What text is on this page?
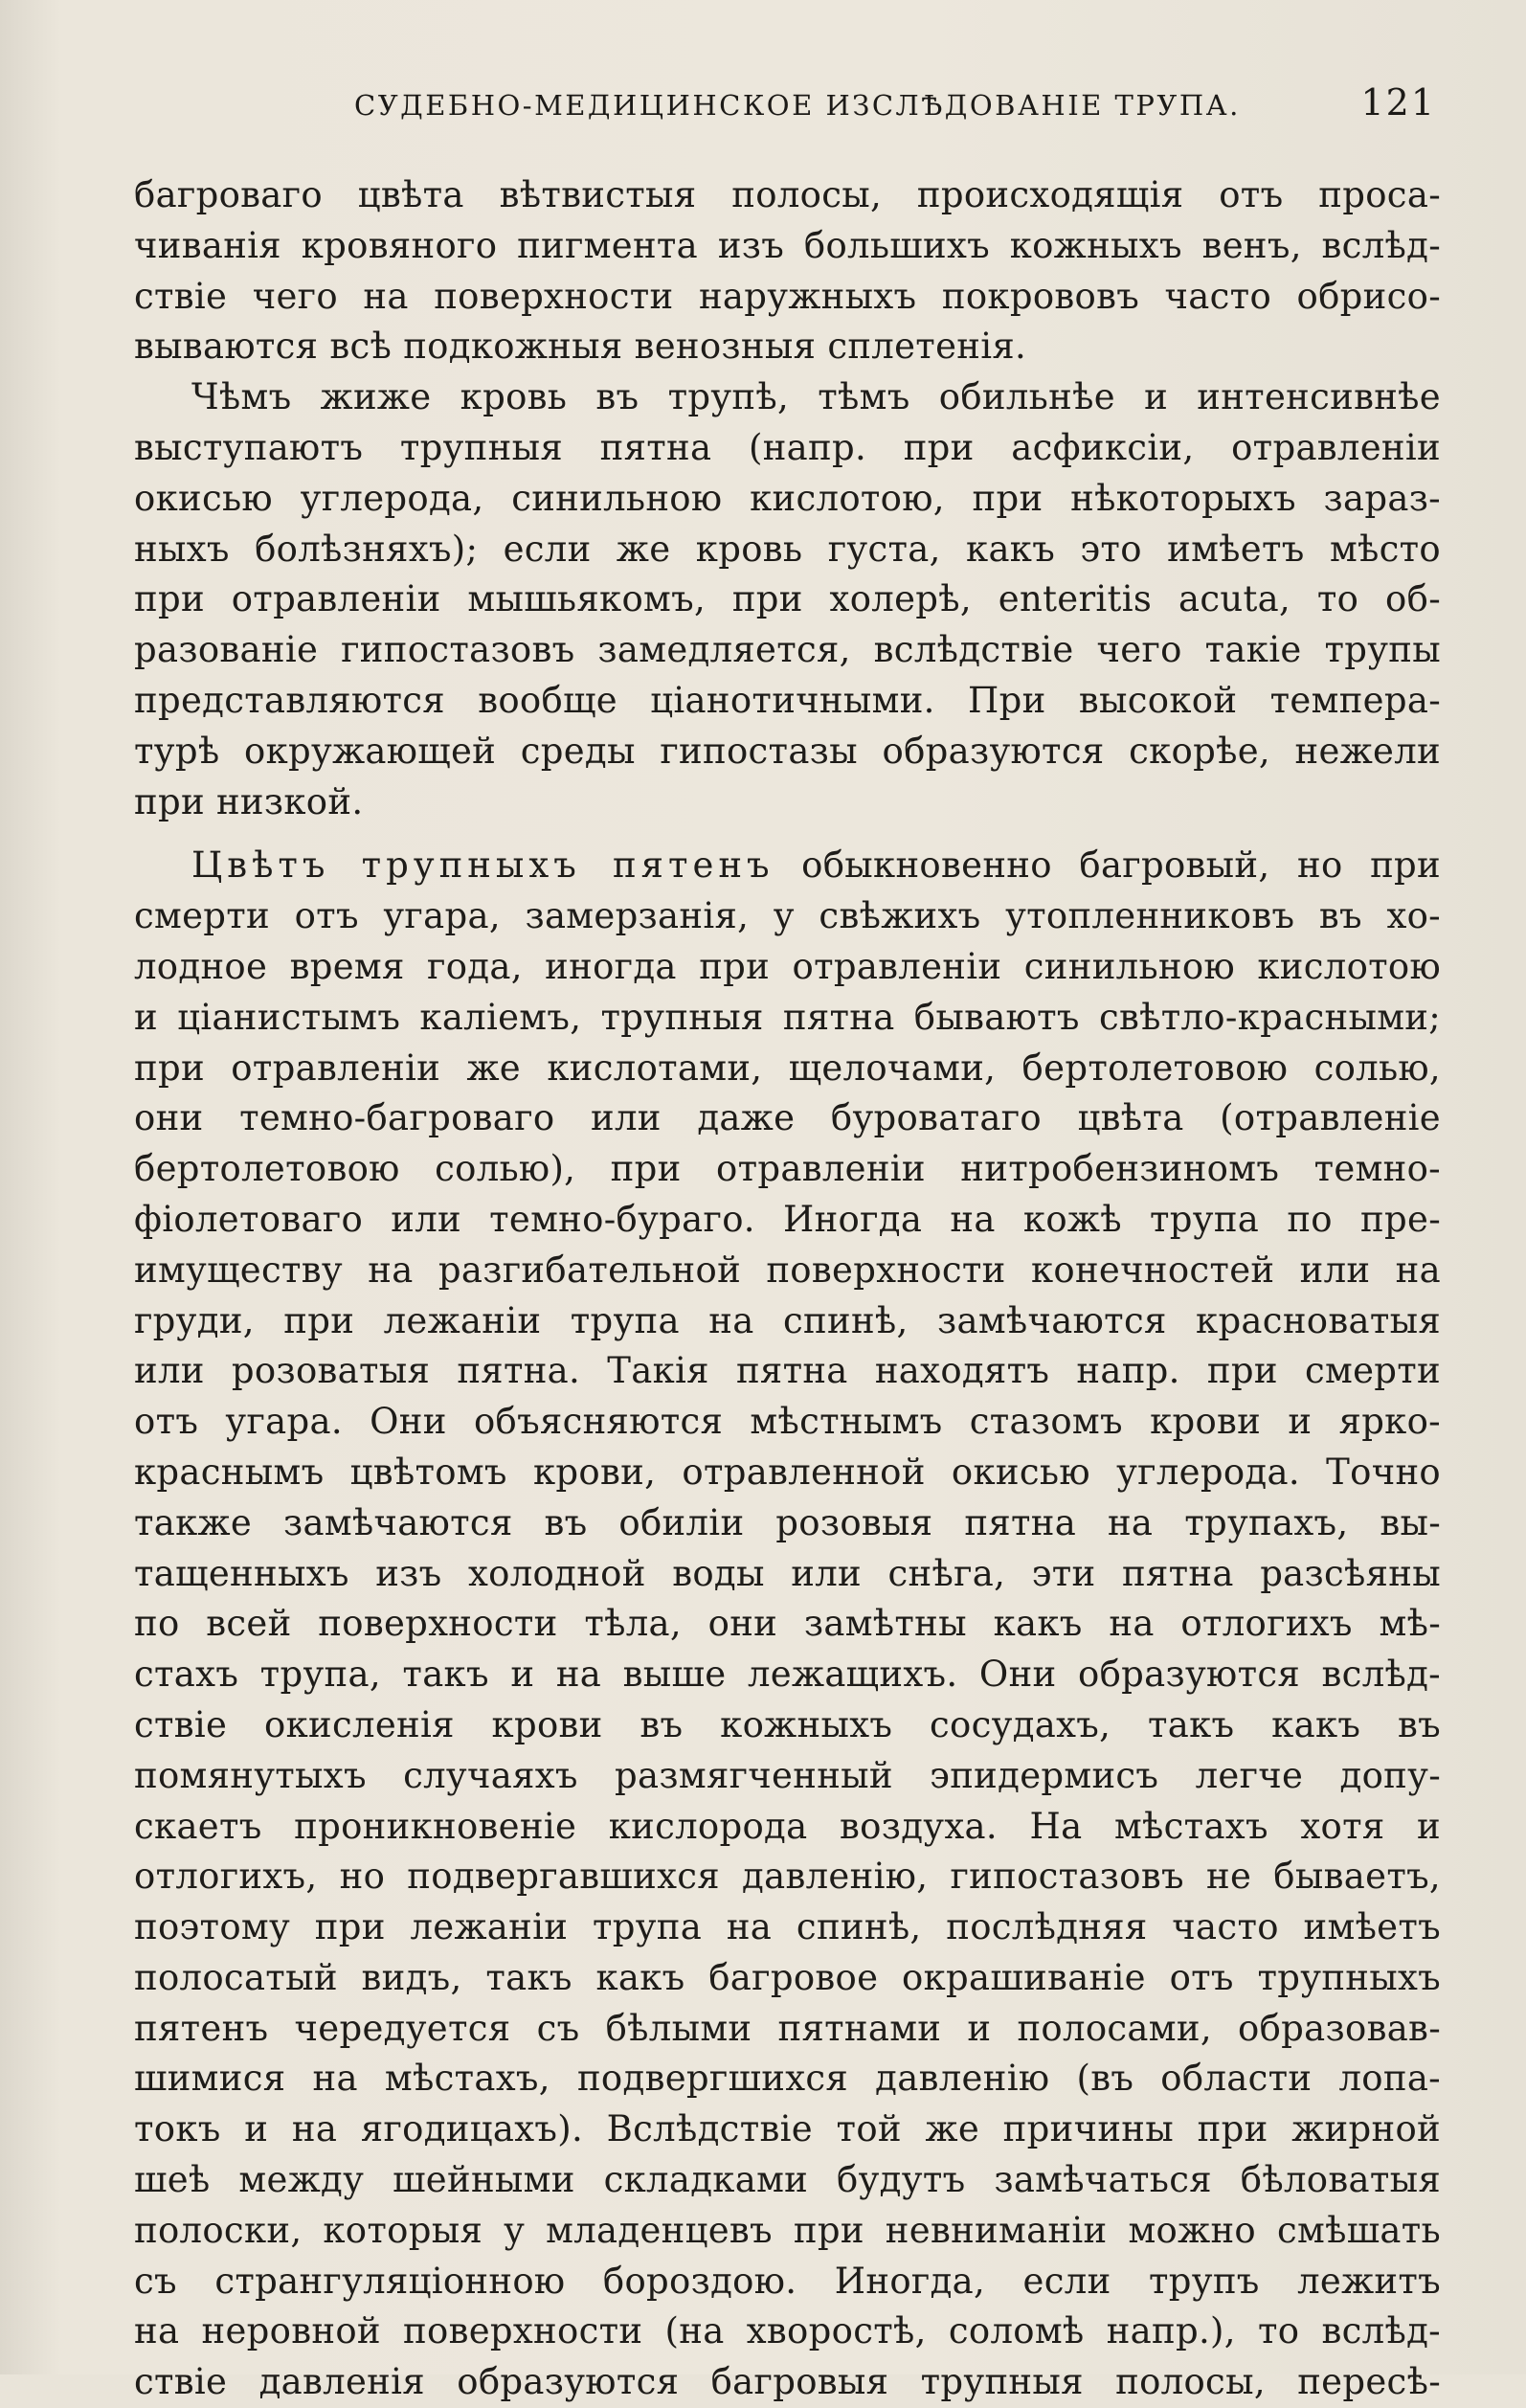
СУДЕБНО-МЕДИЦИНСКОЕ ИЗСЛѢДОВАНІЕ ТРУПА.	121
багроваго цвѣта вѣтвистыя полосы, происходящія отъ проса-
чиванія кровяного пигмента изъ большихъ кожныхъ венъ, вслѣд-
ствіе чего на поверхности наружныхъ покрововъ часто обрисо-
вываются всѣ подкожныя венозныя сплетенія.
Чѣмъ жиже кровь въ трупѣ, тѣмъ обильнѣе и интенсивнѣе
выступаютъ трупныя пятна (напр. при асфиксіи, отравленіи
окисью углерода, синильною кислотою, при нѣкоторыхъ зараз-
ныхъ болѣзняхъ); если же кровь густа, какъ это имѣетъ мѣсто
при отравленіи мышьякомъ, при холерѣ, enteritis acuta, то об-
разованіе гипостазовъ замедляется, вслѣдствіе чего такіе трупы
представляются вообще ціанотичными. При высокой темпера-
турѣ окружающей среды гипостазы образуются скорѣе, нежели
при низкой.
Цвѣтъ трупныхъ пятенъ обыкновенно багровый, но при
смерти отъ угара, замерзанія, у свѣжихъ утопленниковъ въ хо-
лодное время года, иногда при отравленіи синильною кислотою
и ціанистымъ каліемъ, трупныя пятна бываютъ свѣтло-красными;
при отравленіи же кислотами, щелочами, бертолетовою солью,
они темно-багроваго или даже буроватаго цвѣта (отравленіе
бертолетовою солью), при отравленіи нитробензиномъ темно-
фіолетоваго или темно-бураго. Иногда на кожѣ трупа по пре-
имуществу на разгибательной поверхности конечностей или на
груди, при лежаніи трупа на спинѣ, замѣчаются красноватыя
или розоватыя пятна. Такія пятна находятъ напр. при смерти
отъ угара. Они объясняются мѣстнымъ стазомъ крови и ярко-
краснымъ цвѣтомъ крови, отравленной окисью углерода. Точно
также замѣчаются въ обиліи розовыя пятна на трупахъ, вы-
тащенныхъ изъ холодной воды или снѣга, эти пятна разсѣяны
по всей поверхности тѣла, они замѣтны какъ на отлогихъ мѣ-
стахъ трупа, такъ и на выше лежащихъ. Они образуются вслѣд-
ствіе окисленія крови въ кожныхъ сосудахъ, такъ какъ въ
помянутыхъ случаяхъ размягченный эпидермисъ легче допу-
скаетъ проникновеніе кислорода воздуха. На мѣстахъ хотя и
отлогихъ, но подвергавшихся давленію, гипостазовъ не бываетъ,
поэтому при лежаніи трупа на спинѣ, послѣдняя часто имѣетъ
полосатый видъ, такъ какъ багровое окрашиваніе отъ трупныхъ
пятенъ чередуется съ бѣлыми пятнами и полосами, образовав-
шимися на мѣстахъ, подвергшихся давленію (въ области лопа-
токъ и на ягодицахъ). Вслѣдствіе той же причины при жирной
шеѣ между шейными складками будутъ замѣчаться бѣловатыя
полоски, которыя у младенцевъ при невниманіи можно смѣшать
съ странгуляціонною бороздою. Иногда, если трупъ лежитъ
на неровной поверхности (на хворостѣ, соломѣ напр.), то вслѣд-
ствіе давленія образуются багровыя трупныя полосы, пересѣ-
